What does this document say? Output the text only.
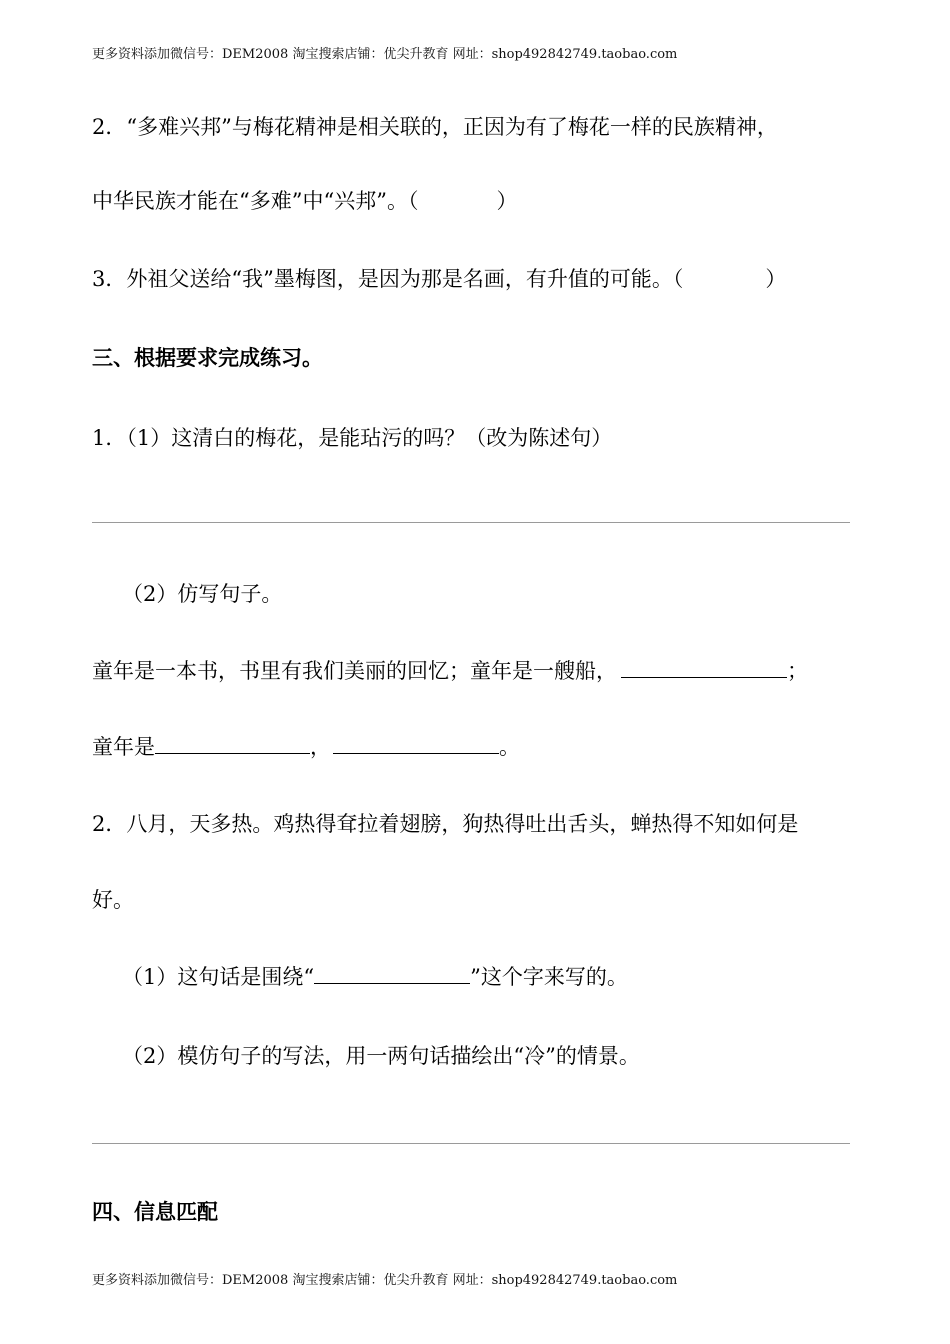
更多资料添加微信号：DEM2008 淘宝搜索店铺：优尖升教育 网址：shop492842749.taobao.com
2．“多难兴邦”与梅花精神是相关联的，正因为有了梅花一样的民族精神，
中华民族才能在“多难”中“兴邦”。（	）
3．外祖父送给“我”墨梅图，是因为那是名画，有升值的可能。（	）
三、根据要求完成练习。
1．（1）这清白的梅花，是能玷污的吗？（改为陈述句）
（2）仿写句子。
童年是一本书，书里有我们美丽的回忆；童年是一艘船，	；
童年是	，	。
2．八月，天多热。鸡热得耷拉着翅膀，狗热得吐出舌头，蝉热得不知如何是
好。
（1）这句话是围绕“	”这个字来写的。
（2）模仿句子的写法，用一两句话描绘出“冷”的情景。
四、信息匹配
更多资料添加微信号：DEM2008 淘宝搜索店铺：优尖升教育 网址：shop492842749.taobao.com
